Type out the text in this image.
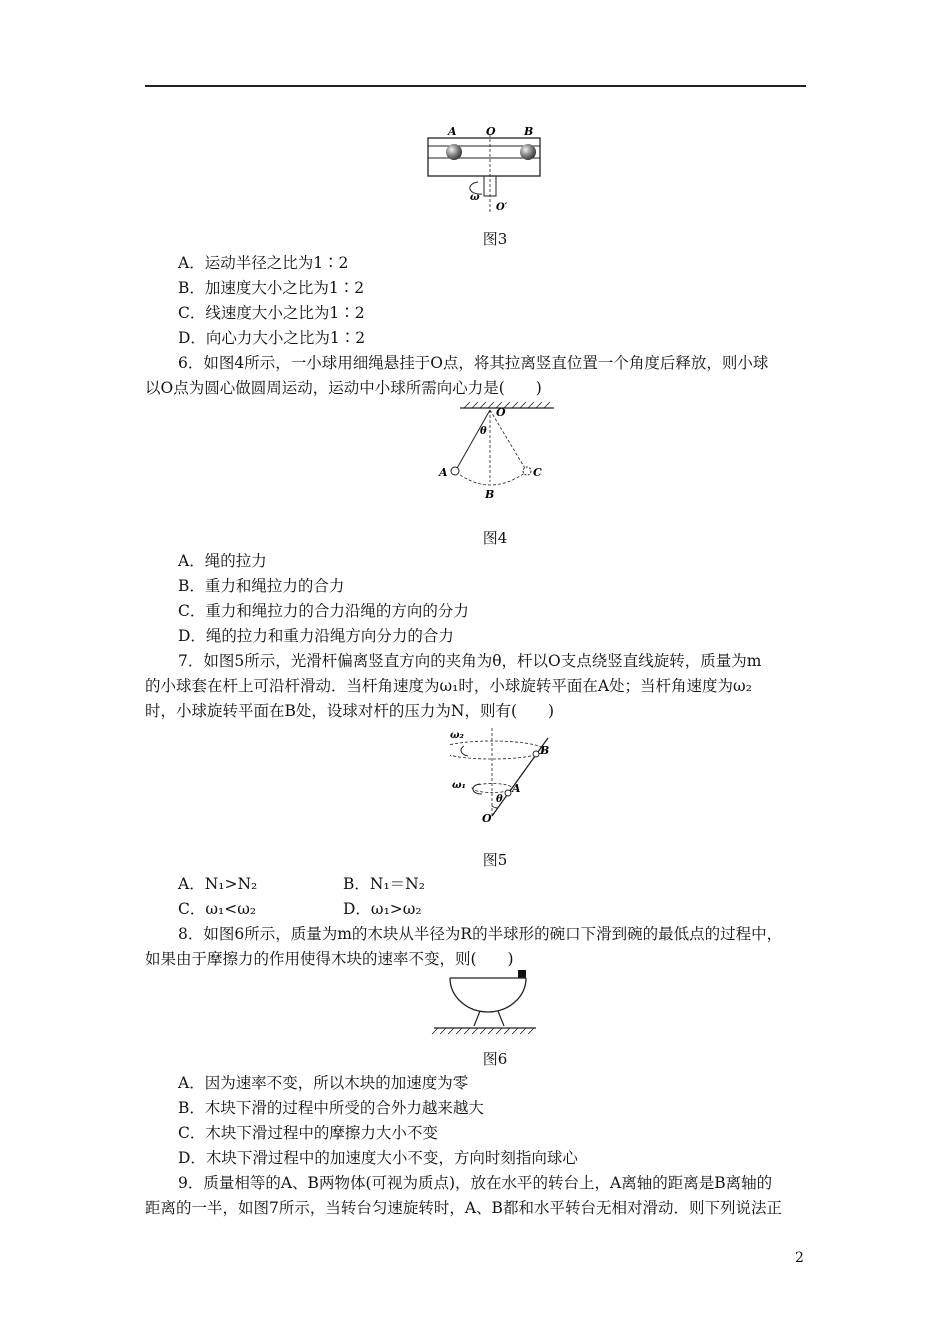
A	O	B
ω
O′
图3
A．运动半径之比为1∶2
B．加速度大小之比为1∶2
C．线速度大小之比为1∶2
D．向心力大小之比为1∶2
6．如图4所示，一小球用细绳悬挂于O点，将其拉离竖直位置一个角度后释放，则小球
以O点为圆心做圆周运动，运动中小球所需向心力是(　　)
O
θ
A
B
C
图4
A．绳的拉力
B．重力和绳拉力的合力
C．重力和绳拉力的合力沿绳的方向的分力
D．绳的拉力和重力沿绳方向分力的合力
7．如图5所示，光滑杆偏离竖直方向的夹角为θ，杆以O支点绕竖直线旋转，质量为m
的小球套在杆上可沿杆滑动．当杆角速度为ω₁时，小球旋转平面在A处；当杆角速度为ω₂
时，小球旋转平面在B处，设球对杆的压力为N，则有(　　)
ω₂
B
ω₁
θ
A
O
图5
A．N₁>N₂	B．N₁＝N₂
C．ω₁<ω₂	D．ω₁>ω₂
8．如图6所示，质量为m的木块从半径为R的半球形的碗口下滑到碗的最低点的过程中，
如果由于摩擦力的作用使得木块的速率不变，则(　　)
图6
A．因为速率不变，所以木块的加速度为零
B．木块下滑的过程中所受的合外力越来越大
C．木块下滑过程中的摩擦力大小不变
D．木块下滑过程中的加速度大小不变，方向时刻指向球心
9．质量相等的A、B两物体(可视为质点)，放在水平的转台上，A离轴的距离是B离轴的
距离的一半，如图7所示，当转台匀速旋转时，A、B都和水平转台无相对滑动．则下列说法正
2
